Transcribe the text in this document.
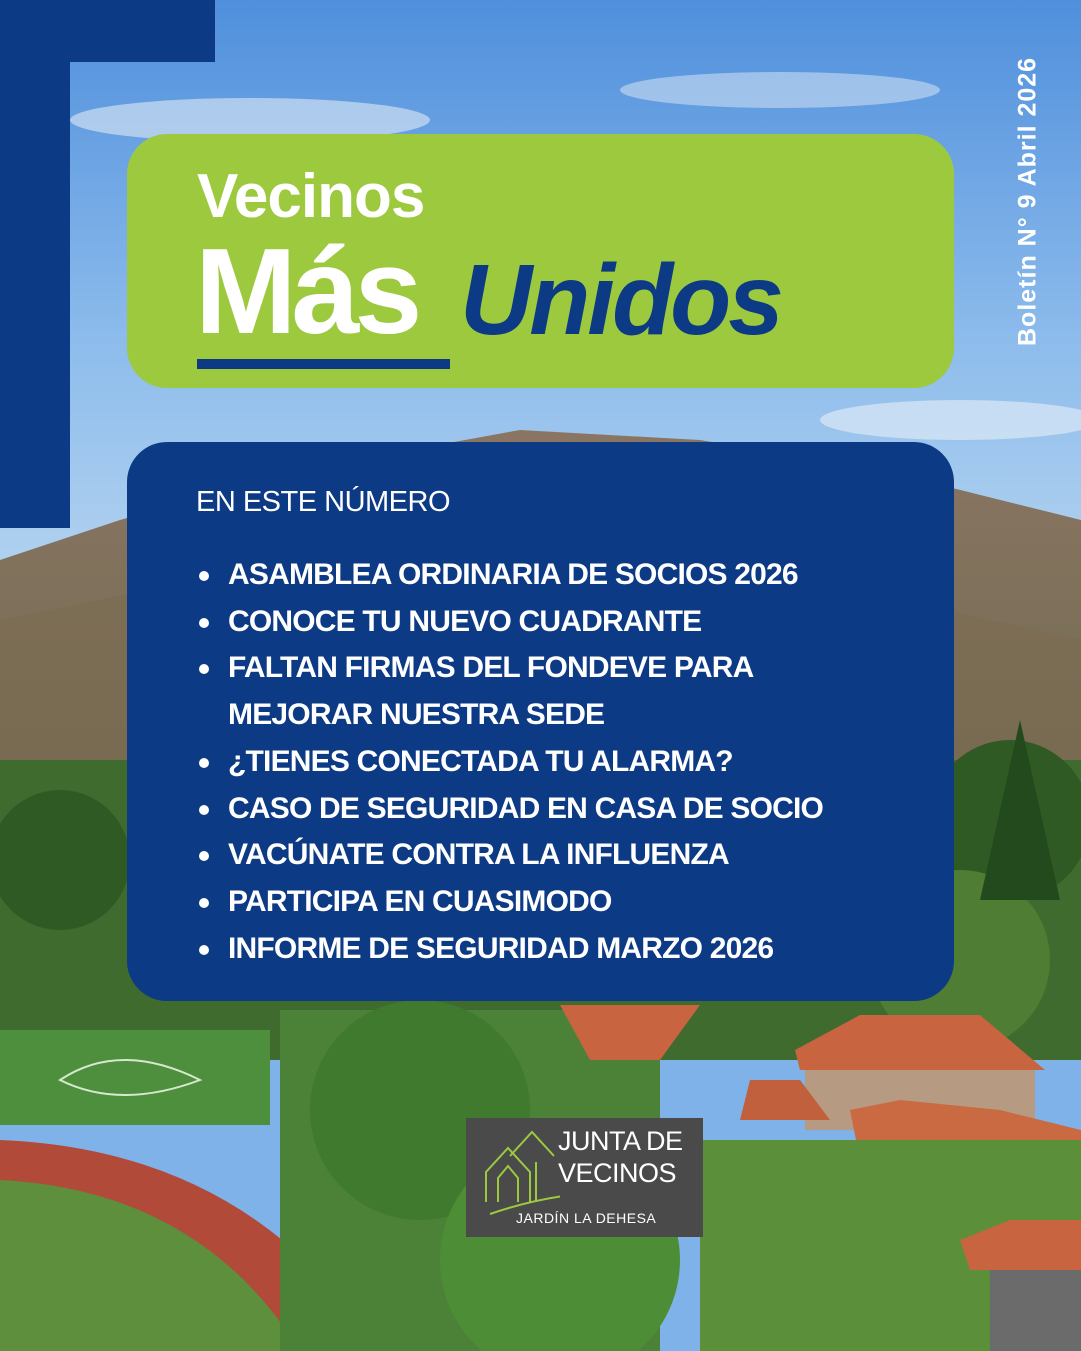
Boletín N° 9 Abril 2026
Vecinos
Más Unidos
EN ESTE NÚMERO
ASAMBLEA ORDINARIA DE SOCIOS 2026
CONOCE TU NUEVO CUADRANTE
FALTAN FIRMAS DEL FONDEVE PARA MEJORAR NUESTRA SEDE
¿TIENES CONECTADA TU ALARMA?
CASO DE SEGURIDAD EN CASA DE SOCIO
VACÚNATE CONTRA LA INFLUENZA
PARTICIPA EN CUASIMODO
INFORME DE SEGURIDAD MARZO 2026
JUNTA DE
VECINOS
JARDÍN LA DEHESA
